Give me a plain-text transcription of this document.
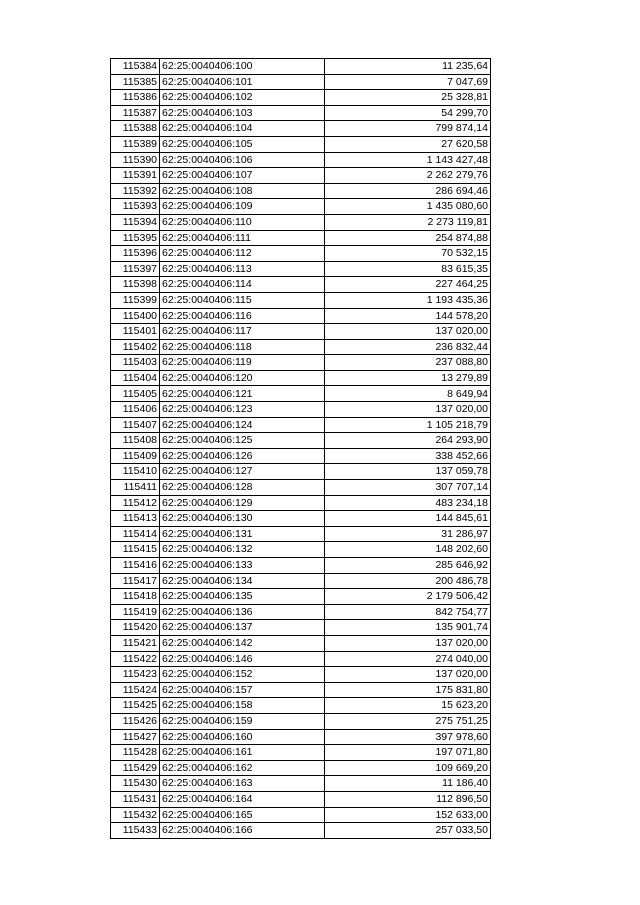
115384	62:25:0040406:100	11 235,64
115385	62:25:0040406:101	7 047,69
115386	62:25:0040406:102	25 328,81
115387	62:25:0040406:103	54 299,70
115388	62:25:0040406:104	799 874,14
115389	62:25:0040406:105	27 620,58
115390	62:25:0040406:106	1 143 427,48
115391	62:25:0040406:107	2 262 279,76
115392	62:25:0040406:108	286 694,46
115393	62:25:0040406:109	1 435 080,60
115394	62:25:0040406:110	2 273 119,81
115395	62:25:0040406:111	254 874,88
115396	62:25:0040406:112	70 532,15
115397	62:25:0040406:113	83 615,35
115398	62:25:0040406:114	227 464,25
115399	62:25:0040406:115	1 193 435,36
115400	62:25:0040406:116	144 578,20
115401	62:25:0040406:117	137 020,00
115402	62:25:0040406:118	236 832,44
115403	62:25:0040406:119	237 088,80
115404	62:25:0040406:120	13 279,89
115405	62:25:0040406:121	8 649,94
115406	62:25:0040406:123	137 020,00
115407	62:25:0040406:124	1 105 218,79
115408	62:25:0040406:125	264 293,90
115409	62:25:0040406:126	338 452,66
115410	62:25:0040406:127	137 059,78
115411	62:25:0040406:128	307 707,14
115412	62:25:0040406:129	483 234,18
115413	62:25:0040406:130	144 845,61
115414	62:25:0040406:131	31 286,97
115415	62:25:0040406:132	148 202,60
115416	62:25:0040406:133	285 646,92
115417	62:25:0040406:134	200 486,78
115418	62:25:0040406:135	2 179 506,42
115419	62:25:0040406:136	842 754,77
115420	62:25:0040406:137	135 901,74
115421	62:25:0040406:142	137 020,00
115422	62:25:0040406:146	274 040,00
115423	62:25:0040406:152	137 020,00
115424	62:25:0040406:157	175 831,80
115425	62:25:0040406:158	15 623,20
115426	62:25:0040406:159	275 751,25
115427	62:25:0040406:160	397 978,60
115428	62:25:0040406:161	197 071,80
115429	62:25:0040406:162	109 669,20
115430	62:25:0040406:163	11 186,40
115431	62:25:0040406:164	112 896,50
115432	62:25:0040406:165	152 633,00
115433	62:25:0040406:166	257 033,50
